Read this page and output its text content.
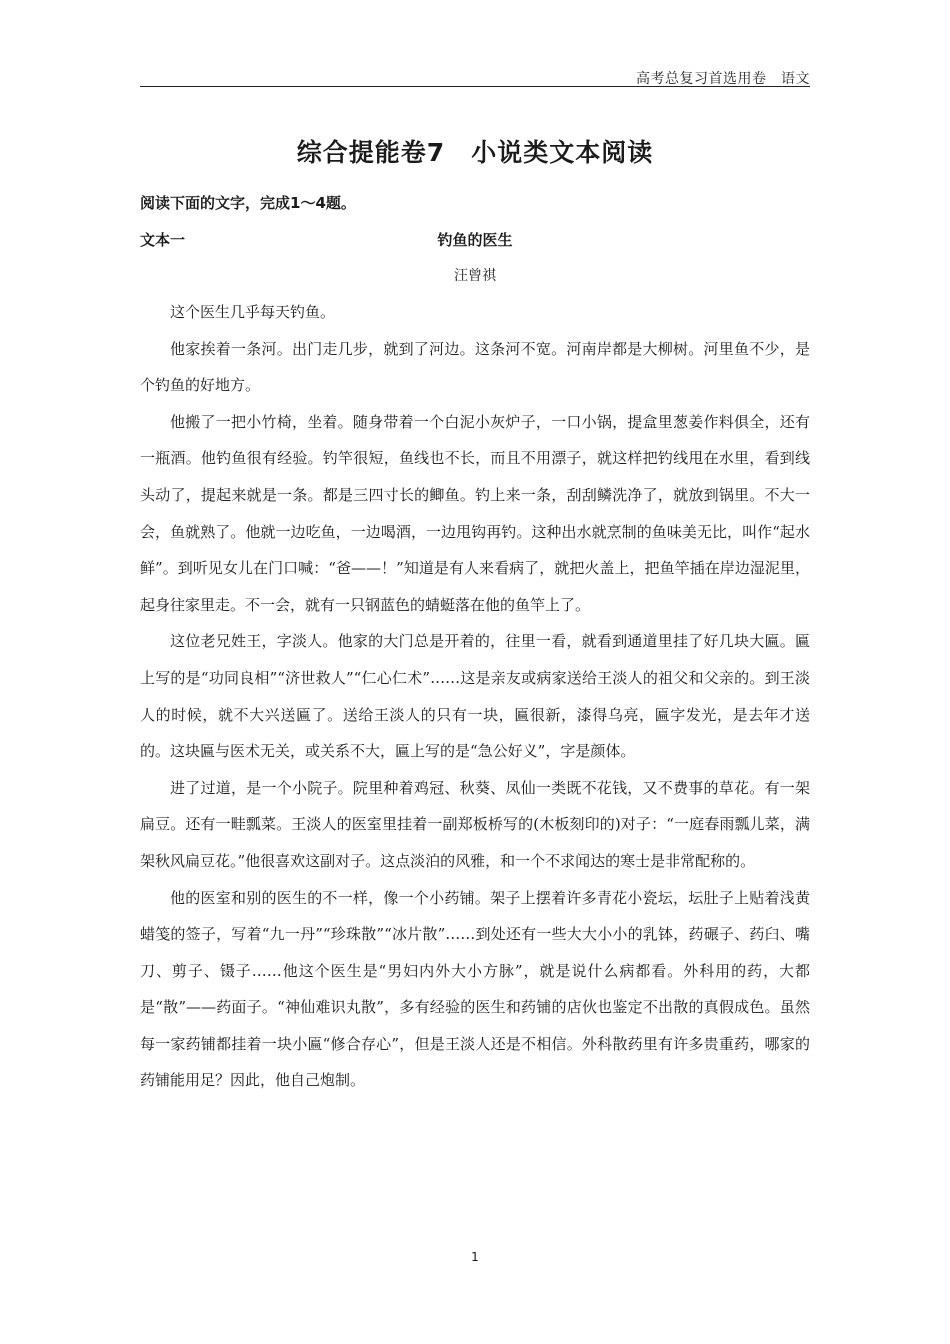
高考总复习首选用卷　语文
综合提能卷7　小说类文本阅读
阅读下面的文字，完成1～4题。
文本一	钓鱼的医生
汪曾祺

这个医生几乎每天钓鱼。

他家挨着一条河。出门走几步，就到了河边。这条河不宽。河南岸都是大柳树。河里鱼不少，是个钓鱼的好地方。

他搬了一把小竹椅，坐着。随身带着一个白泥小灰炉子，一口小锅，提盒里葱姜作料俱全，还有一瓶酒。他钓鱼很有经验。钓竿很短，鱼线也不长，而且不用漂子，就这样把钓线甩在水里，看到线头动了，提起来就是一条。都是三四寸长的鲫鱼。钓上来一条，刮刮鳞洗净了，就放到锅里。不大一会，鱼就熟了。他就一边吃鱼，一边喝酒，一边甩钩再钓。这种出水就烹制的鱼味美无比，叫作“起水鲜”。到听见女儿在门口喊：“爸——！”知道是有人来看病了，就把火盖上，把鱼竿插在岸边湿泥里，起身往家里走。不一会，就有一只钢蓝色的蜻蜓落在他的鱼竿上了。

这位老兄姓王，字淡人。他家的大门总是开着的，往里一看，就看到通道里挂了好几块大匾。匾上写的是“功同良相”“济世救人”“仁心仁术”……这是亲友或病家送给王淡人的祖父和父亲的。到王淡人的时候，就不大兴送匾了。送给王淡人的只有一块，匾很新，漆得乌亮，匾字发光，是去年才送的。这块匾与医术无关，或关系不大，匾上写的是“急公好义”，字是颜体。

进了过道，是一个小院子。院里种着鸡冠、秋葵、凤仙一类既不花钱，又不费事的草花。有一架扁豆。还有一畦瓢菜。王淡人的医室里挂着一副郑板桥写的(木板刻印的)对子：“一庭春雨瓢儿菜，满架秋风扁豆花。”他很喜欢这副对子。这点淡泊的风雅，和一个不求闻达的寒士是非常配称的。

他的医室和别的医生的不一样，像一个小药铺。架子上摆着许多青花小瓷坛，坛肚子上贴着浅黄蜡笺的签子，写着“九一丹”“珍珠散”“冰片散”……到处还有一些大大小小的乳钵，药碾子、药臼、嘴刀、剪子、镊子……他这个医生是“男妇内外大小方脉”，就是说什么病都看。外科用的药，大都是“散”——药面子。“神仙难识丸散”，多有经验的医生和药铺的店伙也鉴定不出散的真假成色。虽然每一家药铺都挂着一块小匾“修合存心”，但是王淡人还是不相信。外科散药里有许多贵重药，哪家的药铺能用足？因此，他自己炮制。

1
